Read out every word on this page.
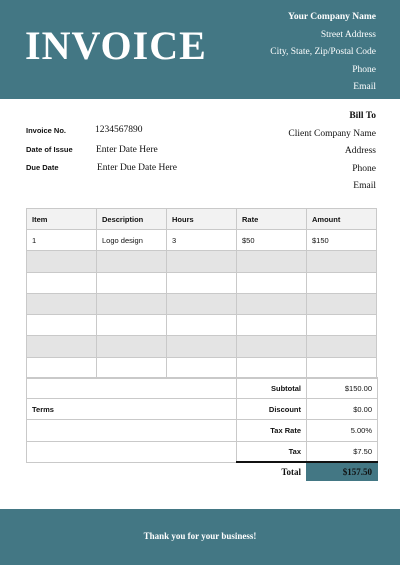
INVOICE
Your Company Name
Street Address
City, State, Zip/Postal Code
Phone
Email
Invoice No.	1234567890
Date of Issue Enter Date Here
Due Date	Enter Due Date Here
Bill To
Client Company Name
Address
Phone
Email
Item	Description	Hours	Rate	Amount
1	Logo design	3	$50	$150

	Subtotal	$150.00
Terms	Discount	$0.00
	Tax Rate	5.00%
	Tax	$7.50
	Total	$157.50
Thank you for your business!
